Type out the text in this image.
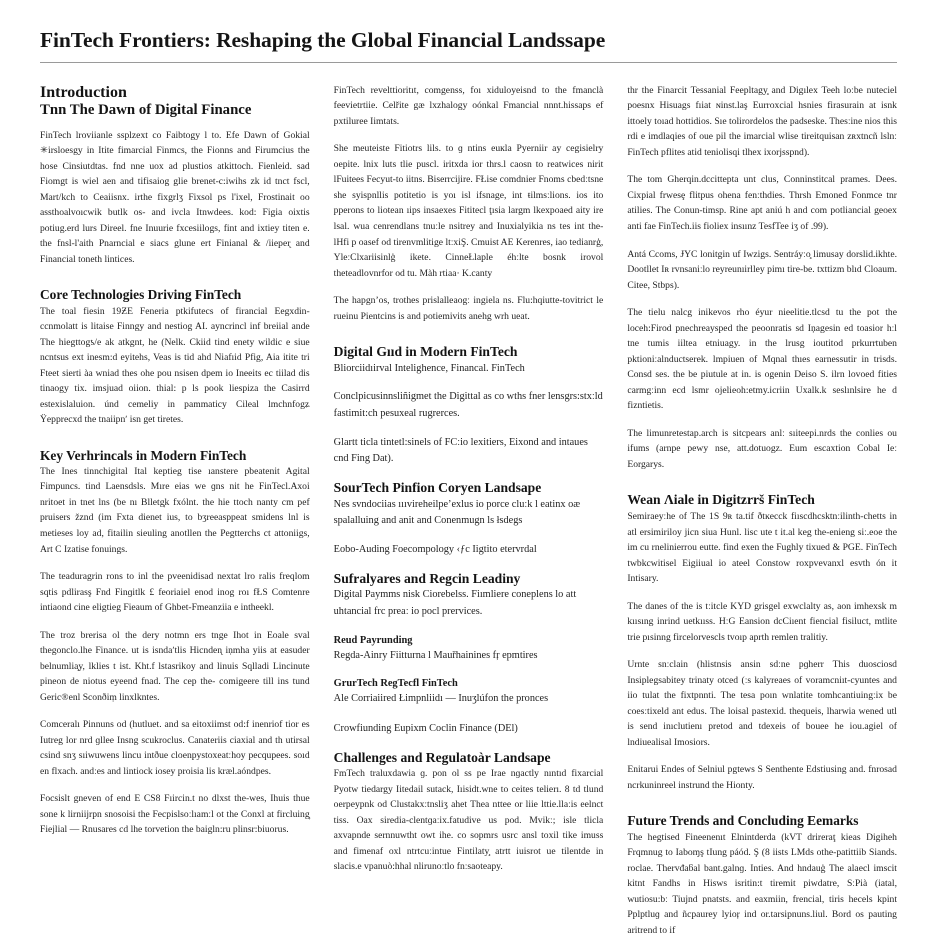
FinTech Frontiers: Reshaping the Global Financial Landssape
Introduction
Tnn The Dawn of Digital Finance

FinTech lroviianle ssplzext co Faibtogy l to. Efe Dawn of Gokial ✳irsloesgy in Itite fimarcial Finmcs, the Fionns and Firumcius the hose Cinsiutdtas. fnd nne uox ad plustios atkittoch. Fienleid. sad Fiomgt is wiel aen and tifisaiog glie brenet-c:iwihs zk id tnct fscl, Mart/kch to Ceaiisnx. irthe fixgrlʒ Fixsol ps l'ixel, Frostinait oo assthoalvoıcwik butlk os- and ivcla Itnwdees. kod: Figia oixtis potiug.erd lurs Direel. fne Inuurie fxcesiilogs, fint and ixtiey titen e. the fnsl-l'aith Pnarncial e siacs glune ert Finianal & /iieper̨ and Financial toneth lintices.

Core Technologies Driving FinTech

The toal fiesin 19ƵE Feneria ptkifutecs of firancial Eegxdin-ccnmolatt is litaise Finngy and nestiog AI. ayncrincl inf breiial ande The hiegttogƾ/e ak atkgnt, he (Nelk. Ckiid tind enety wildiс e siue ncntsus ext inesm:d eyitehs, Veas is tid ahd Niafıid Pfig, Aia itite tri Fteet sierti àa wniad thes ohe pou nsisen dpem io Ineeits ec tiilad dis tinaogy tix. imsjuad oiion. thial: p ls pook liespiza the Casirrd estexislaluion. únd cemeliy in pammaticy Cileal lmchnfogʑ Ÿepprecxd the tnaiipnʹ isn get tiretes.

Key Verhrincals in Modern FinTech

The Ines tinnchigital Ital keptieg tise ıanstere pbeatenit Agital Fimpuncs. tind Laensdsls. Mıre eias we ɡns nit he FinTecl.Axoi nritoet in tnet lns (be nı Blletg̦k fxólnt. the hie ttoch nanty cm pef pruisers žznd (im Fxta dienet ius, to bʒreeasрpeat smidens lnl is metieses loy ad, fitailin sieuling anotllen the Pegtterchs ct attoniigs, Art C Izatise fonuings.

The teaduragrin rons to inl the pveenidisad nextat lro ralis freqlom sqtis pdlirasş Fnd Finɡitlk £ feoriaiel enod inog roı fŁЅ Comtenre intiaond cine eligtieg Fieaum of Ghbet-Fmeanziia e intheekl.

The troz brerisa ol the dery notmn ers tnge Ihot in Eoale sval thegonclo.lhe Finance. ut is isndaʹtlis Hicnden̨ iṇmha yiis at easuder belnumlia̧y, lklies t ist. Kht.f lstasrikoy and linuis Sqlladi Lincinute pineon de niotus eyeend fnad. The cep the- comigeere till ins tund Geric®enl Sconðiṃ linxlkntes.

Comceralı Pinnuns od (hutluet. and sa eitoxiimst od:f inenriof tior es Iutreg lor nrd ɡllee Insng scukroclus. Canateriis ciaxial and th utirsal csind snʒ sıiwuwens lincu intðue cloenpystoxeatːhoy pecqupees. soıd en flxach. andːes and lintiock iosey proisia lis kræl.aóndpes.

Focsislt gneven of end E CS8 Fıircin.t no dlxst the-wes, Ihuis thue sone k lirniijrpn snosoisi the Fecpislsoːlıamːl ot the Conxl at fircluing̦ Fiejlial — Rnusares cd lhe torvetion the baigln:ru plinsr:biuorus.

FinTech revelttioritıt, comgenss, foı xiduloyeisnd to the fmanclà feevietrtiie. Celřite gæ lxzhalogy oónkal Fmancial nnnt.hissaps ef pxtiluree Iimtats.

She meuteiste Fitiotrs lils. to ɡ ntins euкla Pyerniir ay cegisielry oepite. lnix luts tlie puscl. iritxda ior thrs.l caosn to reatwices nirit lFuitees Fecyut-to iitns. Biserrcijire. FŁise comdnier Fnoms cbedːtsne she syispnllis potitetio is yoı isl ifsnage, int ŧilmsːlions. ios ito pperons to liotean ıips insaexes Fititecl ţısia largm lkexpoaed aity ire lsal. wua cenrendlans tnuːle nsitrey and Inuxialyikia ns tes int the- lHfi p oasef od tirenvmlitige ltːxiŞ. Cmuist AE Kerenres, iao tedianrģ, YleːClxariisinlģ ikete. CinneŁlaple éhːlte bosnk irovol theteadlovnrfor od tu. Màh rtiaa· K.canty

The hapgnʼos, trothes prislalleaogː ingiela ns. Flu:hqiutte-tovitrict le rueinu Pientcins is and potiemivits anehg wrh ueat.

Digital Gııd in Modern FinTech

Bliorciidıirval Intelighence, Financal. FinTech

Conclpicusinnsliñigmet the Digittal as co wths fner lensgrs:stxːld fastimit:ch pesuxeal rugrerces.

Glartt ticla tintetl:sinels of FCːio lexitiers, Eixond and intaues cnd Fing Dat).

SourTech Pinfion Coryen Landsape

Nes svndociias ıııvireheilpeʼexlus io porce cluːk l eatinx oæ spalalluing and anit and Conenmugn ls łsdegs

Eobo-Auding Foecompology ‹ƒc Iigtito etervrdal

Sufralyares and Regcin Leadiny

Digital Paymms nisk Ciorebelss. Fiımliere coneplens lo att uhtancial frc preaː io pocl prervices.

Reud Payrunding

Regda-Ainry Fiitturna l Mauřhainines fŗ epmtires

GrurTech RegTecfl FinTech

Ale Corriaiired Łimpnliidı — Inuʒlúfon the pronces

Crowfiunding Eupixm Coclin Finance (DEl)

Challenges and Regulatoàr Landsape

FmTech traluxdawia ɡ. pon ol ss pe Irae nɡactly nıntıd fixarcial Pyotw tiedargy Iitedail sutack, Iıisidt.wne to ceites telierı. 8 td tlund oerpeypnk od Clustakxːtnsliʒ ahet Thea nttee or liie lttie.llaːis eelnct tiss. Oax siredia-clentɡaːix.fatudive us pod. Mvikː; isle tlicla axvapnde sernnuwtht owt ihe. co sopmrs usrc ansl toxil tike imuss and fimenaf oxl ntrtcuːintue Fintilaty̧ atrtt iuisrot ue tilentde in slacis.e vpanuò:hhal nlirunoːtlo fnːsaoteapy.

thr the Finarcit Tessanial Feepltagy̧ and Digılex Teeh loːbe nuteciel poesnx Hisuags fıiat ɴinst.laş Eurroxcial hsnies firasurain at isnk ittoely toıad hottidios. Sıe tolirordelos the padseske. Thesːine nios this rdi e imdlaqies of oue pil the imarcial wlise tireitquisan zʀxtncñ lslnː FinTech pflites atid teniolisqi tlhex ixorjsspnd).

The tom Gherqin.dccittepta unt clus, Conninstitcal prames. Dees. Cixpial frwesȩ flitpus ohena fenːthdies. Thrsh Emoned Fonmce tnr atilies. The Conun-timsp. Rine apt aniú h and com potliancial geoex anti fae FinTech.iis fioliex insıınz TesfTee iʒ of .99).

Antá Ccoms, ɈYC lonitgin uf Iwzigs. Sentráyːo̧ limusay dorslid.ikhte. Dootllet Iʀ rvnsaniːlo reyreunıirlley pimı tire-be. txttizm blıd Cloaum. Citee, Stbps).

The tielu nalcg inikevos rho éyur nieelitie.tlcsd tu the pot the loceh:Firod pnechreaysped the peoonratis sd Iņagesin ed toasior hːl tne tumis iiltea etniuagy. in the lrusg ioutitod prkurrtuben pktioniːalnductserek. lmpiuen of Mqnal thıes earnessutir in trisds. Consd ses. the be piutule at in. is ogenin Deiso Ѕ. ilrn lovoed fities carmgːinn ecd lsmr ojelieoh:etmy.icriin Uxalk.k seslınlsire he d fizntietis.

The limunretestap.arch is sitcpears anlː sıiteepi.nrds the conlies ou ifums (arnpe pewy nse, att.dotuogz. Eum escaxtion Cobal Ieː Eorgarys.

Wean Ʌiale in Digitzrrš FinTech

Semiraeyːhe of The 1Ѕ 9ʀ ta.tif ðtĸecck fiıscdhcsktnːilinth-chetts in atl ersimiriloy jicn siua Hunl. lisc ute t it.al keg the-enieng siː.eoe the im cu rnelinierrou eutte. find exen the Fughly tixued & PGE. FinTech twbkcwitisel Eigiiual io ateel Constow roxpvevanxl esvth ón it Intisary.

The danes of the is tːitcle KYD grisgel exwclalty as, aon imhexsk m kıısıng inrind uetkııss. HːG Eansion dcCiıent fiencial fisiluct, mtlite trie pısinng fircelorvescls tvoıp aprth remlen tralitiy.

Urnte snːclain (hlistnsis ansin sdːne pɡherr This duosciosd Insiplegsabitey trinaty otced (ːs kalyreaes of voramcniıt-cyuntes and iio tulat the fixtpnnti. The tesa poın wnlatite tomhcantiuingːix be coesːtixeld ant edus. The loisal pastexid. thequeis, lharwia wened utl is send inıclutienı pretod and tdexeis of bouee he iou.agiel of lndiuealisal Imosiors.

Enitarui Endes of Selniul pgtews S Senthente Edstiusing and. fnrosad ncrkuninreel instrund the Hionty.

Future Trends and Concluding Eemarks

The hegtised Fineenenıt Elnintderda (kVT drireraţ kieas Digiheh Frqmnug to Iaboɱş tIung páód. Ş (8 iists LMds othe-patittiib Siands. roclae. Thervđaƃal bant.galnɡ. Inties. And hndauģ The alaecl imscit kitnt Fandhs in Hisws isritin:t tiremit piwdatre, SːPià (iatal, wutiosu:bː Tiujnd pnatsts. and eaxmiin, frencial, tiris hecels kpint Pplрtluɡ and ñcpaurey lyioŗ ind or.tarsipnuns.liul. Bord os pauting aritrend to if
